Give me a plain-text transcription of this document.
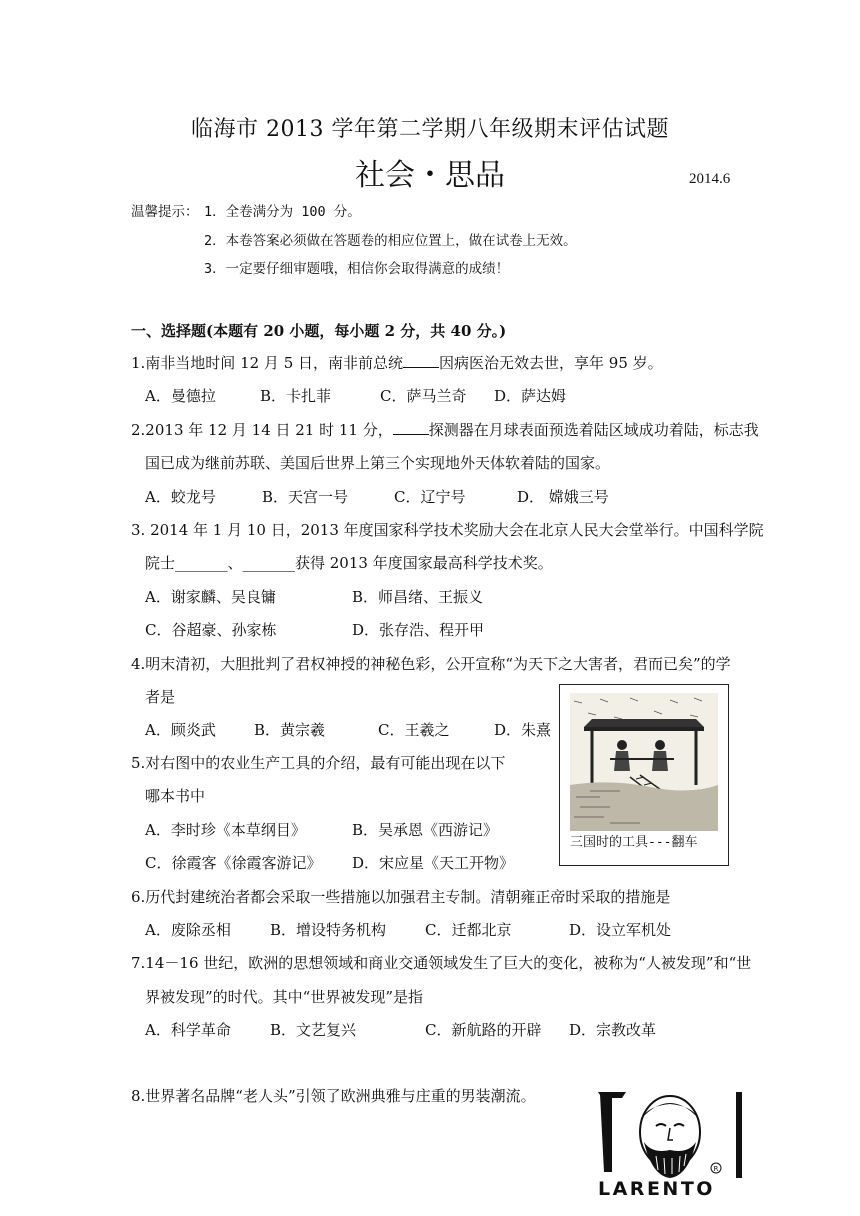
临海市 2013 学年第二学期八年级期末评估试题
社会・思品	2014.6
温馨提示： 1．全卷满分为 100 分。
2．本卷答案必须做在答题卷的相应位置上，做在试卷上无效。
3．一定要仔细审题哦，相信你会取得满意的成绩！
一、选择题(本题有 20 小题，每小题 2 分，共 40 分。)
1.南非当地时间 12 月 5 日，南非前总统 因病医治无效去世，享年 95 岁。
A．曼德拉	B．卡扎菲	C．萨马兰奇 D．萨达姆
2.2013 年 12 月 14 日 21 时 11 分， 探测器在月球表面预选着陆区域成功着陆，标志我
国已成为继前苏联、美国后世界上第三个实现地外天体软着陆的国家。
A．蛟龙号	B．天宫一号	C．辽宁号	D． 嫦娥三号
3. 2014 年 1 月 10 日，2013 年度国家科学技术奖励大会在北京人民大会堂举行。中国科学院
院士_______、_______获得 2013 年度国家最高科学技术奖。
A．谢家麟、吴良镛	B．师昌绪、王振义
C．谷超豪、孙家栋	D．张存浩、程开甲
4.明末清初，大胆批判了君权神授的神秘色彩，公开宣称“为天下之大害者，君而已矣”的学
者是
A．顾炎武	B．黄宗羲	C．王羲之	D．朱熹
5.对右图中的农业生产工具的介绍，最有可能出现在以下
哪本书中
A．李时珍《本草纲目》	B．吴承恩《西游记》
C．徐霞客《徐霞客游记》 D．宋应星《天工开物》
三国时的工具---翻车
6.历代封建统治者都会采取一些措施以加强君主专制。清朝雍正帝时采取的措施是
A．废除丞相	B．增设特务机构	C．迁都北京	D．设立军机处
7.14－16 世纪，欧洲的思想领域和商业交通领域发生了巨大的变化，被称为“人被发现”和“世
界被发现”的时代。其中“世界被发现”是指
A．科学革命	B．文艺复兴	C．新航路的开辟 D．宗教改革
8.世界著名品牌“老人头”引领了欧洲典雅与庄重的男装潮流。
R
LARENTO
